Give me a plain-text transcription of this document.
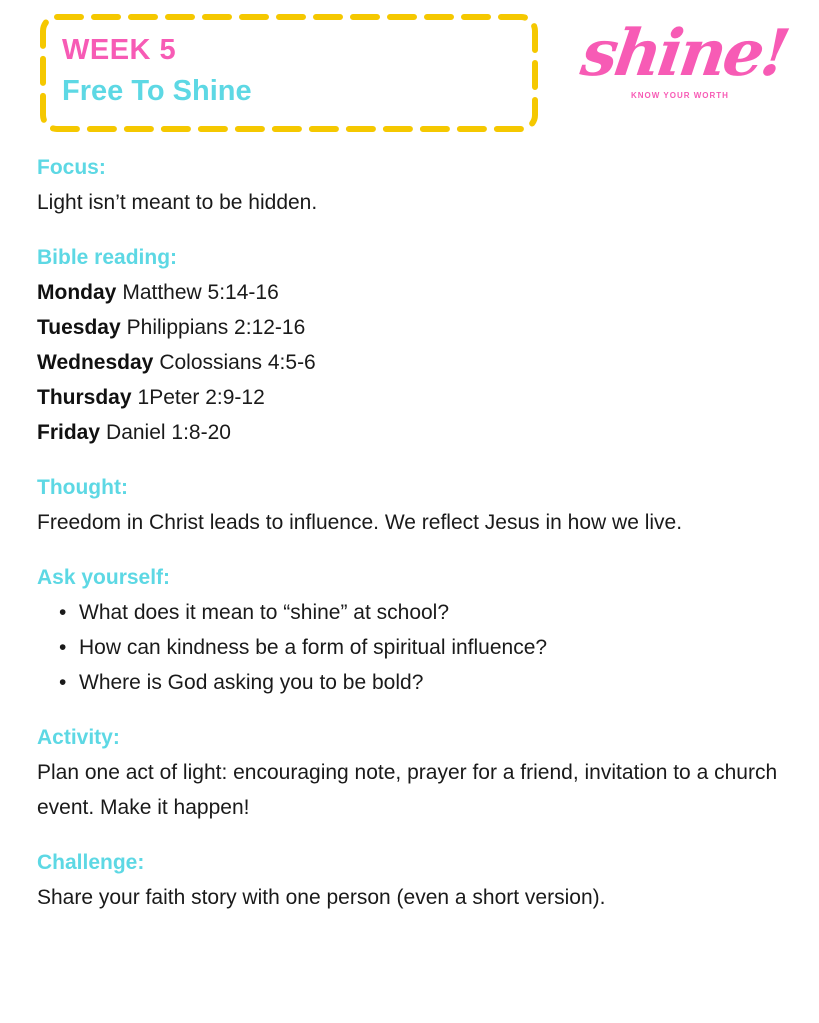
WEEK 5
Free To Shine	shine!
KNOW YOUR WORTH
Focus:
Light isn’t meant to be hidden.
Bible reading:
Monday Matthew 5:14-16
Tuesday Philippians 2:12-16
Wednesday Colossians 4:5-6
Thursday 1Peter 2:9-12
Friday Daniel 1:8-20
Thought:
Freedom in Christ leads to influence. We reflect Jesus in how we live.
Ask yourself:
• What does it mean to “shine” at school?
• How can kindness be a form of spiritual influence?
• Where is God asking you to be bold?
Activity:
Plan one act of light: encouraging note, prayer for a friend, invitation to a church event. Make it happen!
Challenge:
Share your faith story with one person (even a short version).
